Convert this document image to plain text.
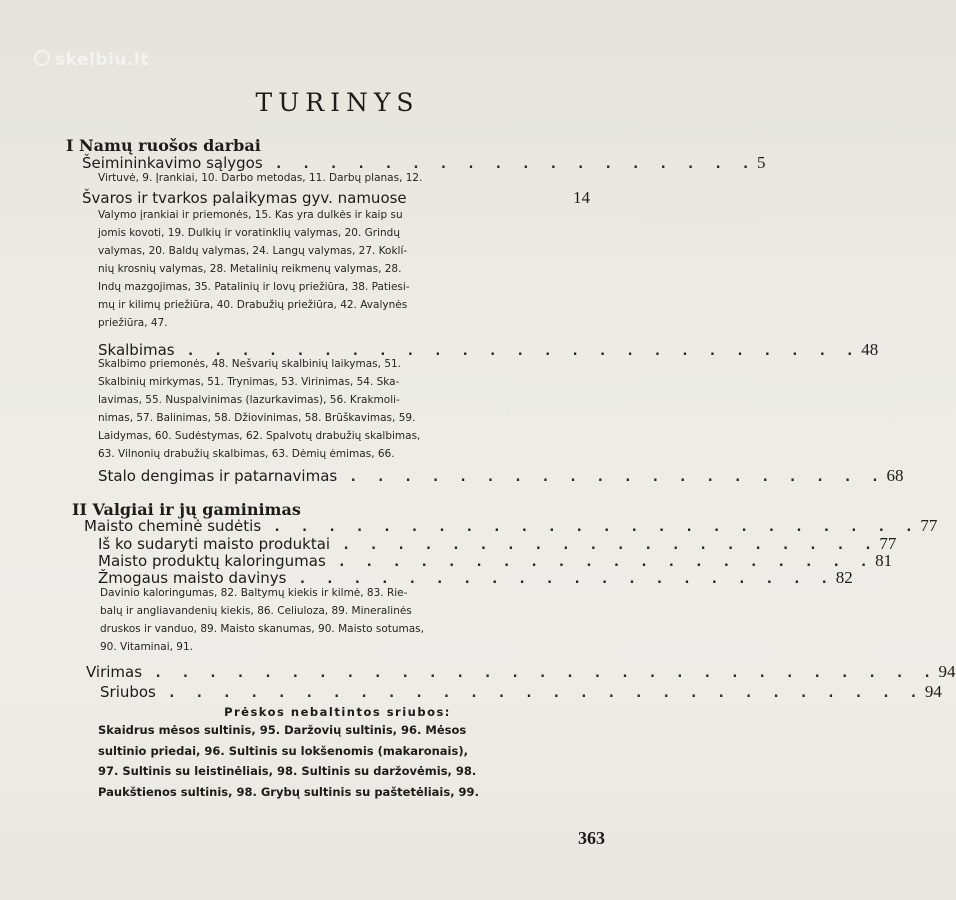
skelbiu.lt
TURINYS
I Namų ruošos darbai
Šeimininkavimo sąlygos . . . . . . . . . . . . . . . . . . 5
Virtuvė, 9. Įrankiai, 10. Darbo metodas, 11. Darbų planas, 12.
Švaros ir tvarkos palaikymas gyv. namuose	14
Valymo įrankiai ir priemonės, 15. Kas yra dulkės ir kaip su
jomis kovoti, 19. Dulkių ir voratinklių valymas, 20. Grindų
valymas, 20. Baldų valymas, 24. Langų valymas, 27. Koklí-
nių krosnių valymas, 28. Metalinių reikmenų valymas, 28.
Indų mazgojimas, 35. Patalinių ir lovų priežiūra, 38. Patiesi-
mų ir kilimų priežiūra, 40. Drabužių priežiūra, 42. Avalynės
priežiūra, 47.
Skalbimas . . . . . . . . . . . . . . . . . . . . . . . . . 48
Skalbimo priemonės, 48. Nešvarių skalbinių laikymas, 51.
Skalbinių mirkymas, 51. Trynimas, 53. Virinimas, 54. Ska-
lavimas, 55. Nuspalvinimas (lazurkavimas), 56. Krakmoli-
nimas, 57. Balinimas, 58. Džiovinimas, 58. Brūškavimas, 59.
Laidymas, 60. Sudėstymas, 62. Spalvotų drabužių skalbimas,
63. Vilnonių drabužių skalbimas, 63. Dėmių ėmimas, 66.
Stalo dengimas ir patarnavimas . . . . . . . . . . . . . . . . . . . . 68
II Valgiai ir jų gaminimas
Maisto cheminė sudėtis . . . . . . . . . . . . . . . . . . . . . . . . 77
Iš ko sudaryti maisto produktai . . . . . . . . . . . . . . . . . . . . 77
Maisto produktų kaloringumas . . . . . . . . . . . . . . . . . . . . 81
Žmogaus maisto davinys . . . . . . . . . . . . . . . . . . . . 82
Davinio kaloringumas, 82. Baltymų kiekis ir kilmė, 83. Rie-
balų ir angliavandenių kiekis, 86. Celiuloza, 89. Mineralinės
druskos ir vanduo, 89. Maisto skanumas, 90. Maisto sotumas,
90. Vitaminai, 91.
Virimas . . . . . . . . . . . . . . . . . . . . . . . . . . . . . 94
Sriubos . . . . . . . . . . . . . . . . . . . . . . . . . . . . 94
Prėskos nebaltintos sriubos:
Skaidrus mėsos sultinis, 95. Daržovių sultinis, 96. Mėsos
sultinio priedai, 96. Sultinis su lokšenomis (makaronais),
97. Sultinis su leistinėliais, 98. Sultinis su daržovėmis, 98.
Paukštienos sultinis, 98. Grybų sultinis su paštetėliais, 99.
363
